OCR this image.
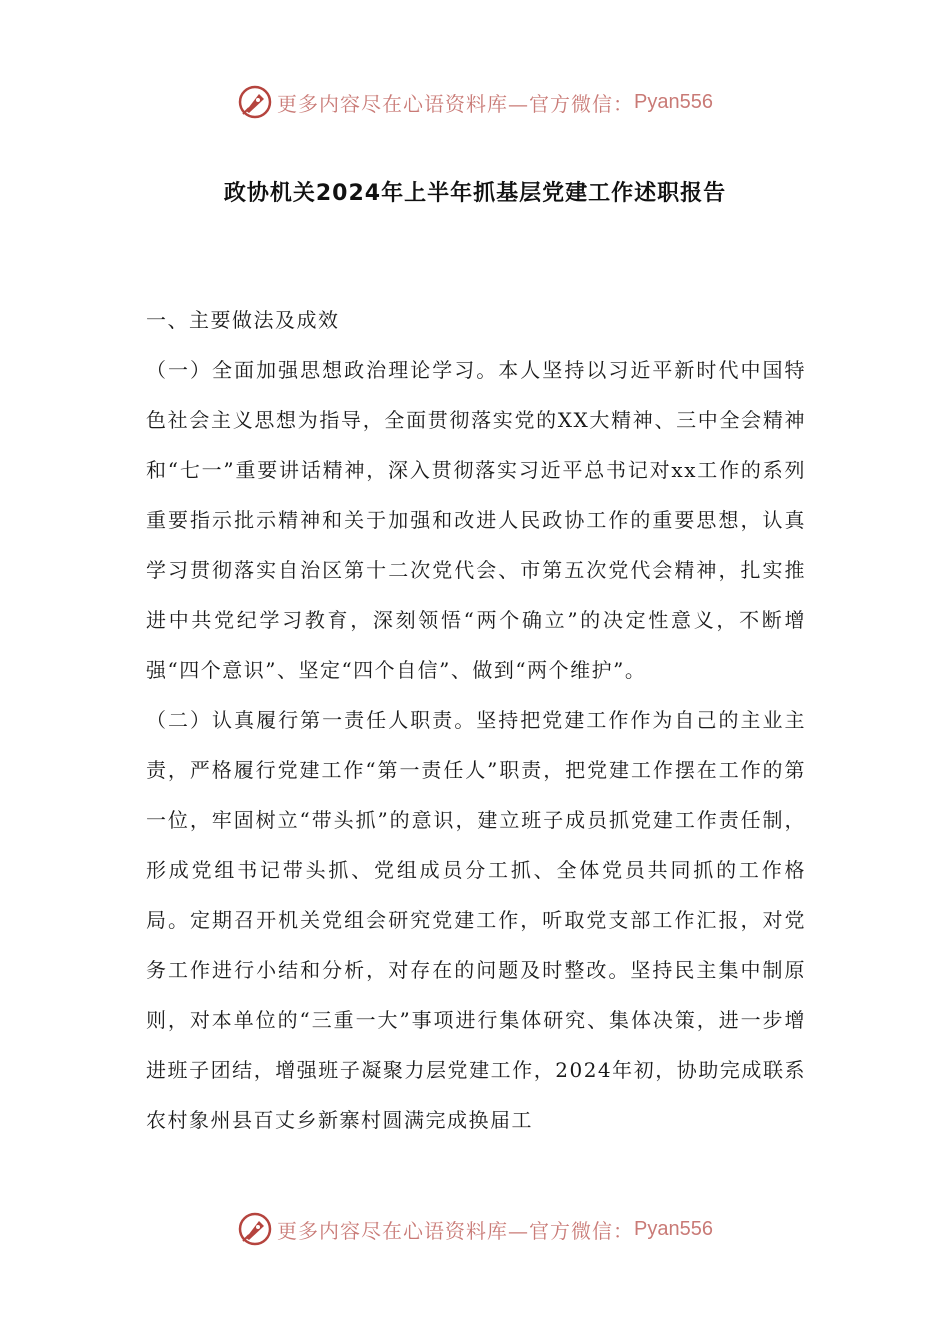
更多内容尽在心语资料库—官方微信： Pyan556
政协机关2024年上半年抓基层党建工作述职报告

一、主要做法及成效

（一）全面加强思想政治理论学习。本人坚持以习近平新时代中国特色社会主义思想为指导，全面贯彻落实党的XX大精神、三中全会精神和“七一”重要讲话精神，深入贯彻落实习近平总书记对xx工作的系列重要指示批示精神和关于加强和改进人民政协工作的重要思想，认真学习贯彻落实自治区第十二次党代会、市第五次党代会精神，扎实推进中共党纪学习教育，深刻领悟“两个确立”的决定性意义，不断增强“四个意识”、坚定“四个自信”、做到“两个维护”。

（二）认真履行第一责任人职责。坚持把党建工作作为自己的主业主责，严格履行党建工作“第一责任人”职责，把党建工作摆在工作的第一位，牢固树立“带头抓”的意识，建立班子成员抓党建工作责任制，形成党组书记带头抓、党组成员分工抓、全体党员共同抓的工作格局。定期召开机关党组会研究党建工作，听取党支部工作汇报，对党务工作进行小结和分析，对存在的问题及时整改。坚持民主集中制原则，对本单位的“三重一大”事项进行集体研究、集体决策，进一步增进班子团结，增强班子凝聚力层党建工作，2024年初，协助完成联系农村象州县百丈乡新寨村圆满完成换届工

更多内容尽在心语资料库—官方微信： Pyan556
